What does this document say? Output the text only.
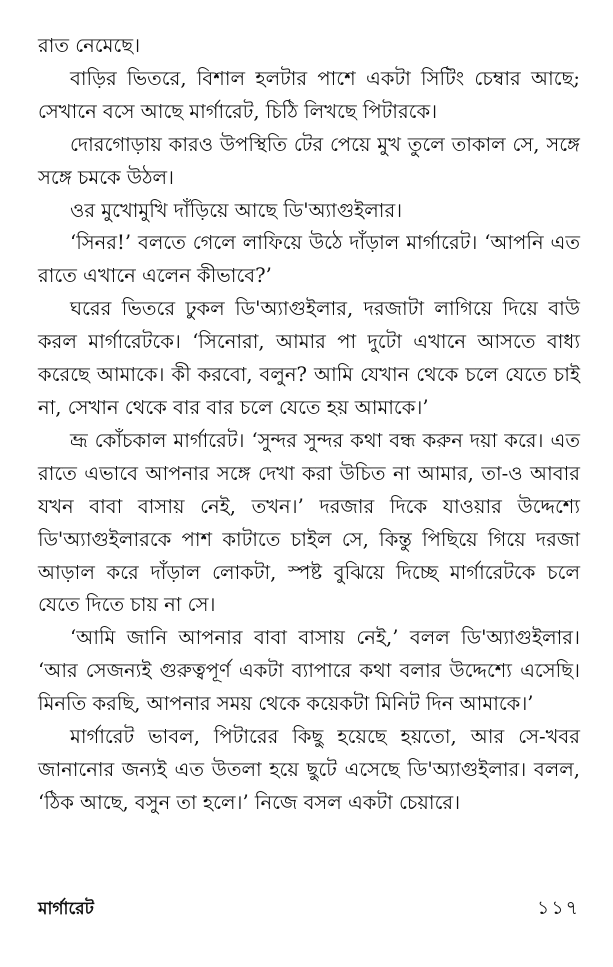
রাত নেমেছে।

বাড়ির ভিতরে, বিশাল হলটার পাশে একটা সিটিং চেম্বার আছে; সেখানে বসে আছে মার্গারেট, চিঠি লিখছে পিটারকে।

দোরগোড়ায় কারও উপস্থিতি টের পেয়ে মুখ তুলে তাকাল সে, সঙ্গে সঙ্গে চমকে উঠল।

ওর মুখোমুখি দাঁড়িয়ে আছে ডি'অ্যাগুইলার।

‘সিনর!’ বলতে গেলে লাফিয়ে উঠে দাঁড়াল মার্গারেট। ‘আপনি এত রাতে এখানে এলেন কীভাবে?’

ঘরের ভিতরে ঢুকল ডি'অ্যাগুইলার, দরজাটা লাগিয়ে দিয়ে বাউ করল মার্গারেটকে। ‘সিনোরা, আমার পা দুটো এখানে আসতে বাধ্য করেছে আমাকে। কী করবো, বলুন? আমি যেখান থেকে চলে যেতে চাই না, সেখান থেকে বার বার চলে যেতে হয় আমাকে।’

ভ্রূ কোঁচকাল মার্গারেট। ‘সুন্দর সুন্দর কথা বন্ধ করুন দয়া করে। এত রাতে এভাবে আপনার সঙ্গে দেখা করা উচিত না আমার, তা-ও আবার যখন বাবা বাসায় নেই, তখন।’ দরজার দিকে যাওয়ার উদ্দেশ্যে ডি'অ্যাগুইলারকে পাশ কাটাতে চাইল সে, কিন্তু পিছিয়ে গিয়ে দরজা আড়াল করে দাঁড়াল লোকটা, স্পষ্ট বুঝিয়ে দিচ্ছে মার্গারেটকে চলে যেতে দিতে চায় না সে।

‘আমি জানি আপনার বাবা বাসায় নেই,’ বলল ডি'অ্যাগুইলার। ‘আর সেজন্যই গুরুত্বপূর্ণ একটা ব্যাপারে কথা বলার উদ্দেশ্যে এসেছি। মিনতি করছি, আপনার সময় থেকে কয়েকটা মিনিট দিন আমাকে।’

মার্গারেট ভাবল, পিটারের কিছু হয়েছে হয়তো, আর সে-খবর জানানোর জন্যই এত উতলা হয়ে ছুটে এসেছে ডি'অ্যাগুইলার। বলল, ‘ঠিক আছে, বসুন তা হলে।’ নিজে বসল একটা চেয়ারে।

মার্গারেট	১১৭
